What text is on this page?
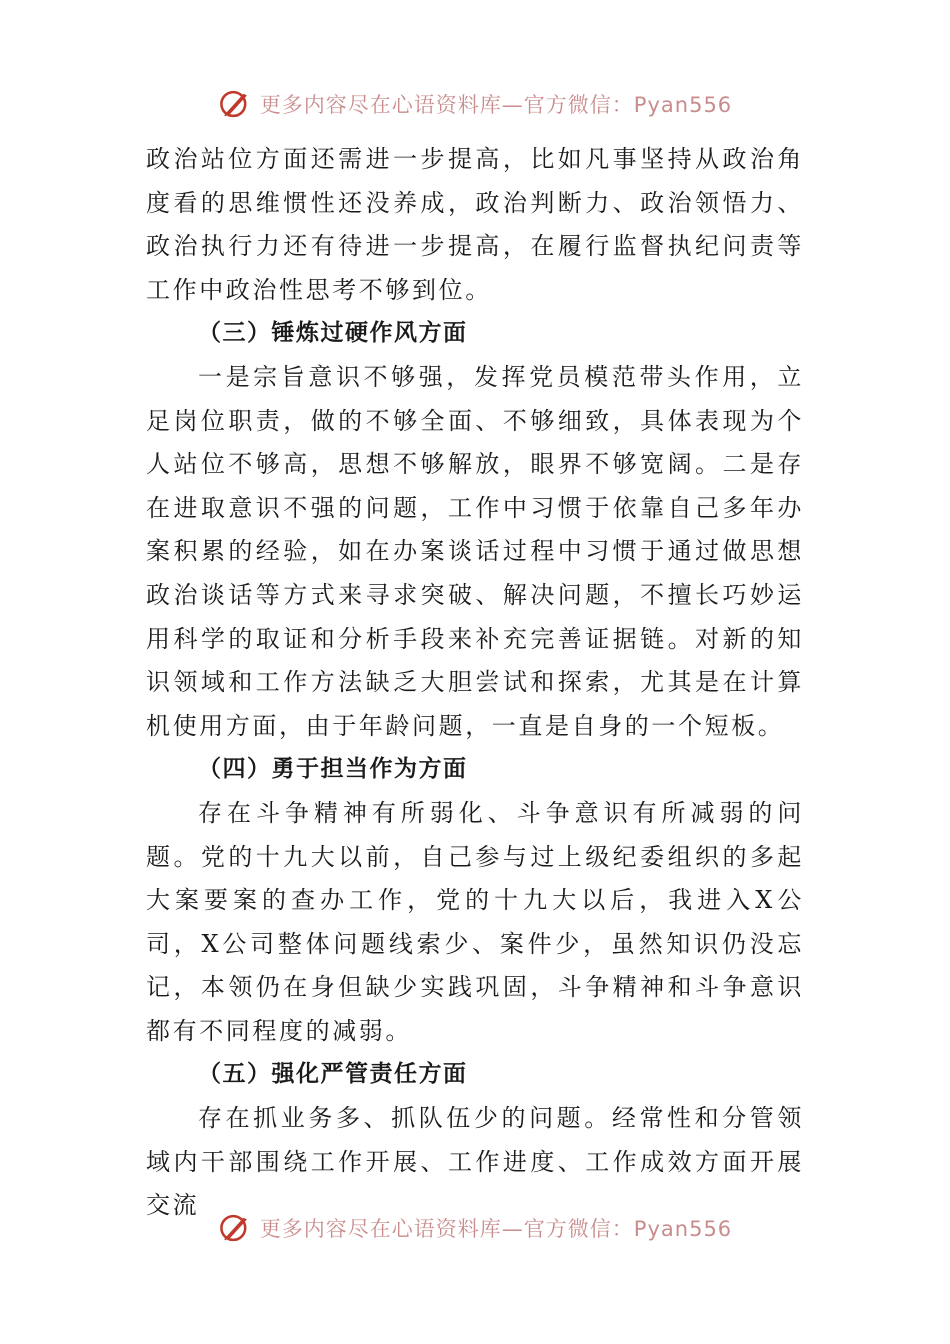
更多内容尽在心语资料库—官方微信：Pyan556

政治站位方面还需进一步提高，比如凡事坚持从政治角度看的思维惯性还没养成，政治判断力、政治领悟力、政治执行力还有待进一步提高，在履行监督执纪问责等工作中政治性思考不够到位。

（三）锤炼过硬作风方面

一是宗旨意识不够强，发挥党员模范带头作用，立足岗位职责，做的不够全面、不够细致，具体表现为个人站位不够高，思想不够解放，眼界不够宽阔。二是存在进取意识不强的问题，工作中习惯于依靠自己多年办案积累的经验，如在办案谈话过程中习惯于通过做思想政治谈话等方式来寻求突破、解决问题，不擅长巧妙运用科学的取证和分析手段来补充完善证据链。对新的知识领域和工作方法缺乏大胆尝试和探索，尤其是在计算机使用方面，由于年龄问题，一直是自身的一个短板。

（四）勇于担当作为方面

存在斗争精神有所弱化、斗争意识有所减弱的问题。党的十九大以前，自己参与过上级纪委组织的多起大案要案的查办工作，党的十九大以后，我进入X公司，X公司整体问题线索少、案件少，虽然知识仍没忘记，本领仍在身但缺少实践巩固，斗争精神和斗争意识都有不同程度的减弱。

（五）强化严管责任方面

存在抓业务多、抓队伍少的问题。经常性和分管领域内干部围绕工作开展、工作进度、工作成效方面开展交流

更多内容尽在心语资料库—官方微信：Pyan556
